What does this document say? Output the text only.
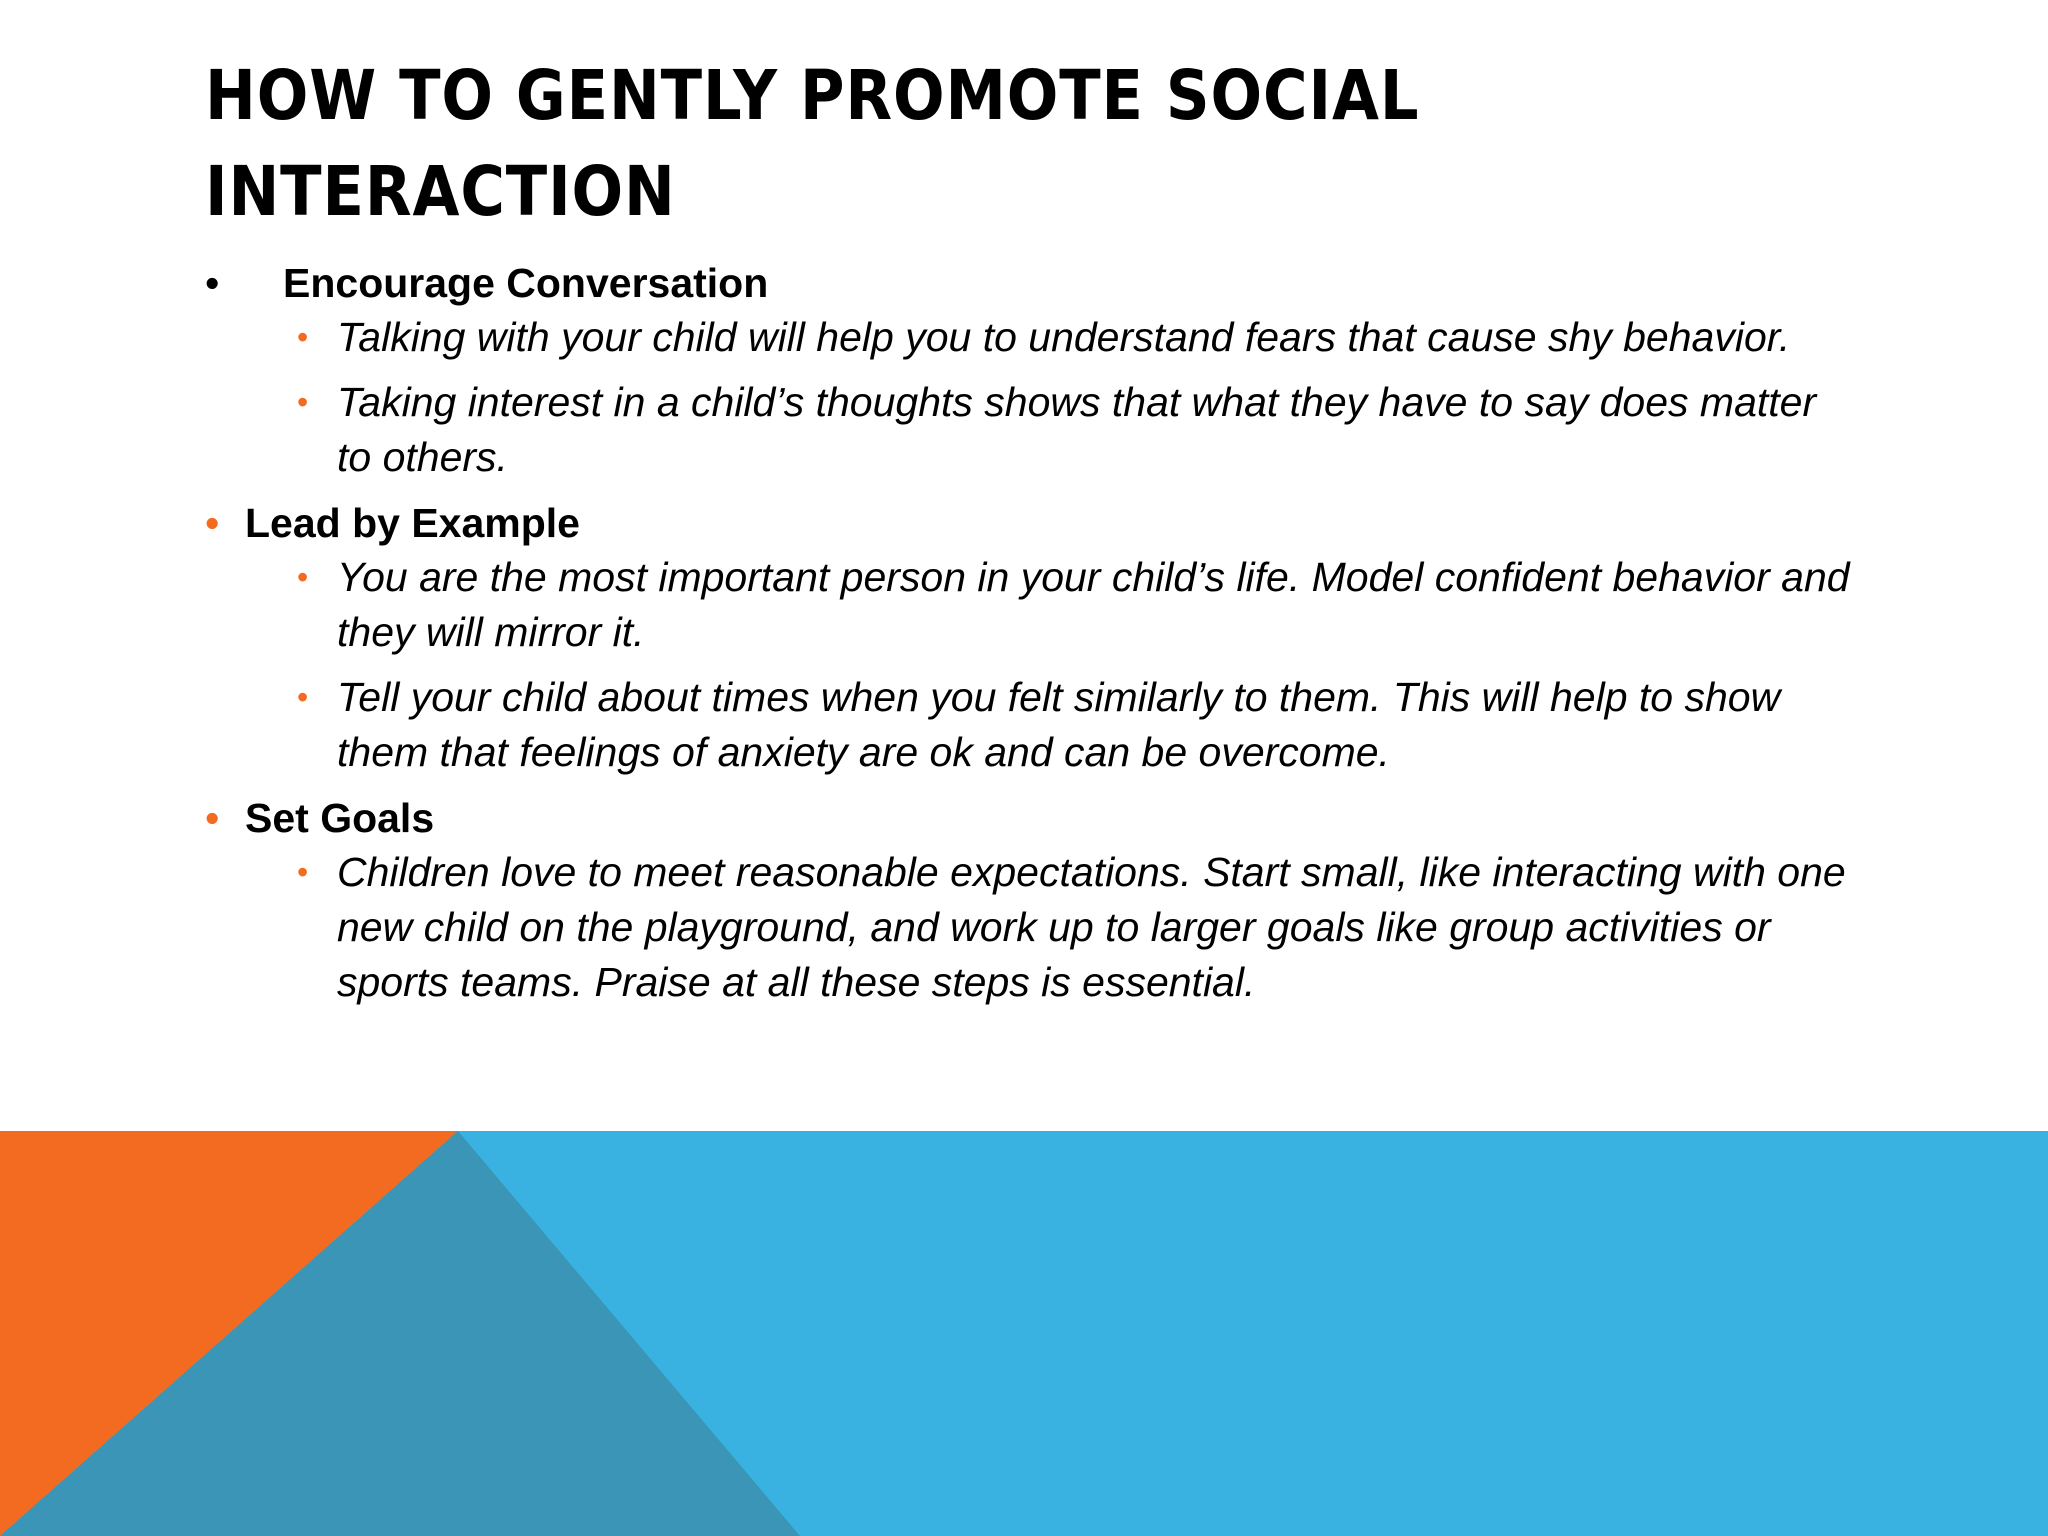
HOW TO GENTLY PROMOTE SOCIAL INTERACTION
• Encourage Conversation
• Talking with your child will help you to understand fears that cause shy behavior.
• Taking interest in a child’s thoughts shows that what they have to say does matter to others.
• Lead by Example
• You are the most important person in your child’s life. Model confident behavior and they will mirror it.
• Tell your child about times when you felt similarly to them. This will help to show them that feelings of anxiety are ok and can be overcome.
• Set Goals
• Children love to meet reasonable expectations. Start small, like interacting with one new child on the playground, and work up to larger goals like group activities or sports teams. Praise at all these steps is essential.
